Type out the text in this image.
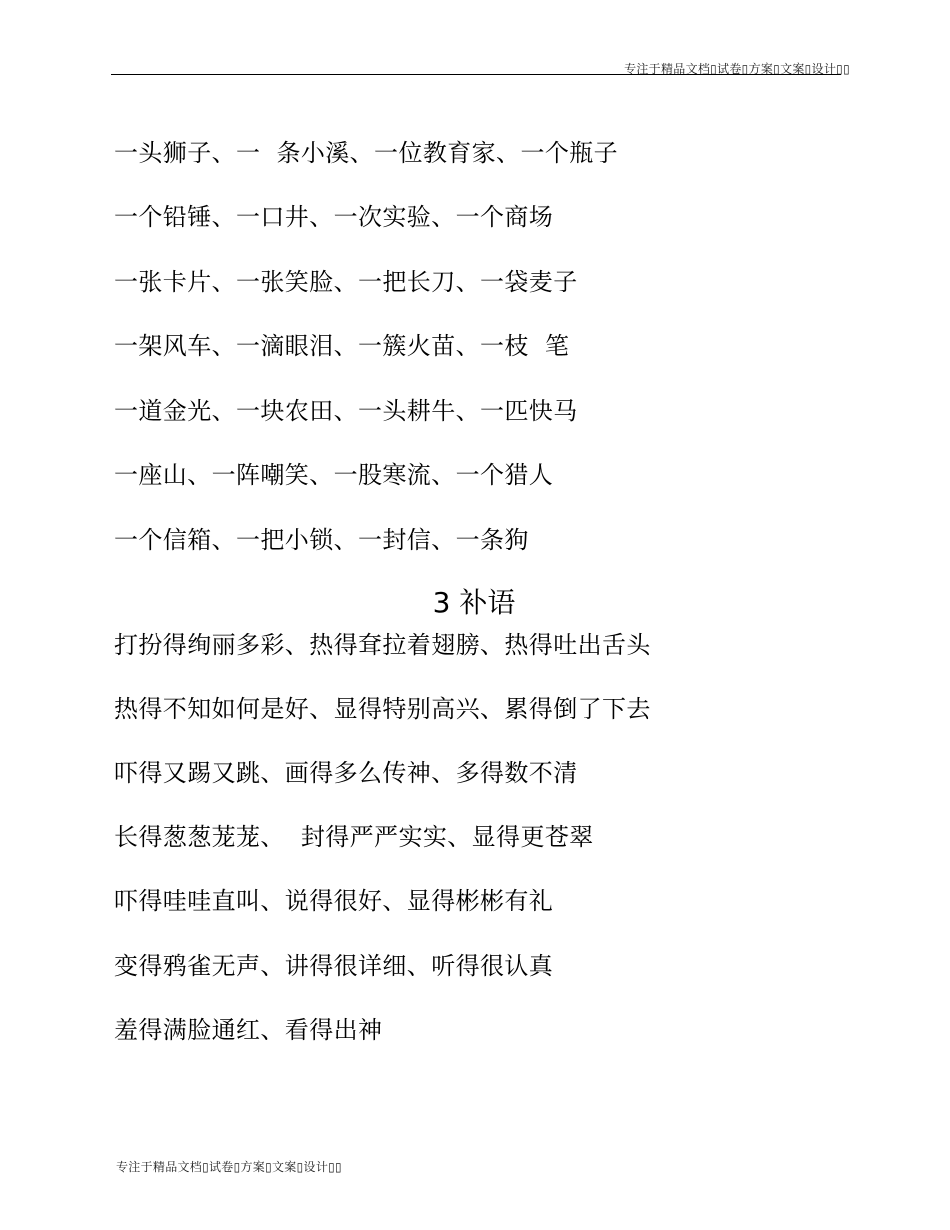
专注于精品文档▯试卷▯方案▯文案▯设计▯▯
一头狮子、一  条小溪、一位教育家、一个瓶子
一个铅锤、一口井、一次实验、一个商场
一张卡片、一张笑脸、一把长刀、一袋麦子
一架风车、一滴眼泪、一簇火苗、一枝  笔
一道金光、一块农田、一头耕牛、一匹快马
一座山、一阵嘲笑、一股寒流、一个猎人
一个信箱、一把小锁、一封信、一条狗
3 补语
打扮得绚丽多彩、热得耷拉着翅膀、热得吐出舌头
热得不知如何是好、显得特别高兴、累得倒了下去
吓得又踢又跳、画得多么传神、多得数不清
长得葱葱茏茏、  封得严严实实、显得更苍翠
吓得哇哇直叫、说得很好、显得彬彬有礼
变得鸦雀无声、讲得很详细、听得很认真
羞得满脸通红、看得出神
专注于精品文档▯试卷▯方案▯文案▯设计▯▯
